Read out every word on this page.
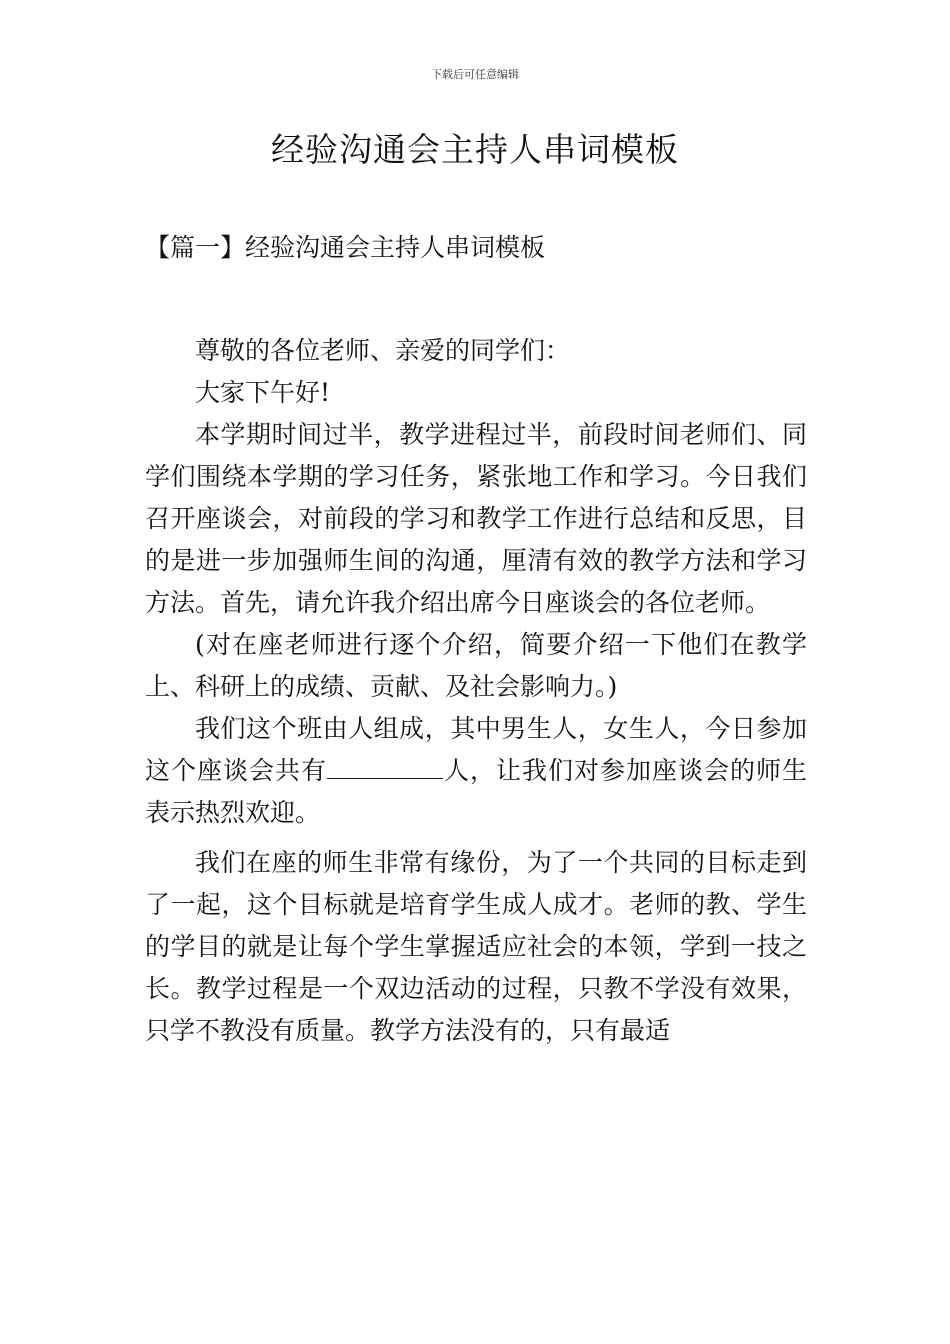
下载后可任意编辑
经验沟通会主持人串词模板
【篇一】经验沟通会主持人串词模板

尊敬的各位老师、亲爱的同学们：

大家下午好!

本学期时间过半，教学进程过半，前段时间老师们、同学们围绕本学期的学习任务，紧张地工作和学习。今日我们召开座谈会，对前段的学习和教学工作进行总结和反思，目的是进一步加强师生间的沟通，厘清有效的教学方法和学习方法。首先，请允许我介绍出席今日座谈会的各位老师。

(对在座老师进行逐个介绍，简要介绍一下他们在教学上、科研上的成绩、贡献、及社会影响力。)

我们这个班由人组成，其中男生人，女生人，今日参加这个座谈会共有	人，让我们对参加座谈会的师生表示热烈欢迎。

我们在座的师生非常有缘份，为了一个共同的目标走到了一起，这个目标就是培育学生成人成才。老师的教、学生的学目的就是让每个学生掌握适应社会的本领，学到一技之长。教学过程是一个双边活动的过程，只教不学没有效果，只学不教没有质量。教学方法没有的，只有最适
